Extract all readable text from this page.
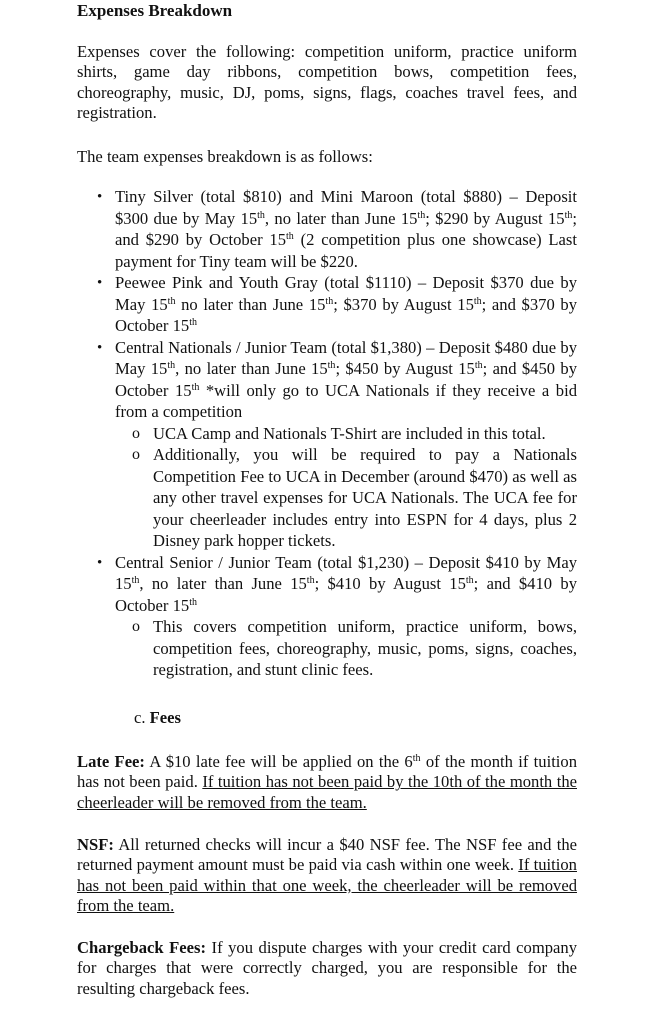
Expenses Breakdown

Expenses cover the following: competition uniform, practice uniform shirts, game day ribbons, competition bows, competition fees, choreography, music, DJ, poms, signs, flags, coaches travel fees, and registration.

The team expenses breakdown is as follows:

• Tiny Silver (total $810) and Mini Maroon (total $880) – Deposit $300 due by May 15th, no later than June 15th; $290 by August 15th; and $290 by October 15th (2 competition plus one showcase) Last payment for Tiny team will be $220.
• Peewee Pink and Youth Gray (total $1110) – Deposit $370 due by May 15th no later than June 15th; $370 by August 15th; and $370 by October 15th
• Central Nationals / Junior Team (total $1,380) – Deposit $480 due by May 15th, no later than June 15th; $450 by August 15th; and $450 by October 15th *will only go to UCA Nationals if they receive a bid from a competition
o UCA Camp and Nationals T-Shirt are included in this total.
o Additionally, you will be required to pay a Nationals Competition Fee to UCA in December (around $470) as well as any other travel expenses for UCA Nationals. The UCA fee for your cheerleader includes entry into ESPN for 4 days, plus 2 Disney park hopper tickets.
• Central Senior / Junior Team (total $1,230) – Deposit $410 by May 15th, no later than June 15th; $410 by August 15th; and $410 by October 15th
o This covers competition uniform, practice uniform, bows, competition fees, choreography, music, poms, signs, coaches, registration, and stunt clinic fees.
c. Fees

Late Fee: A $10 late fee will be applied on the 6th of the month if tuition has not been paid. If tuition has not been paid by the 10th of the month the cheerleader will be removed from the team.

NSF: All returned checks will incur a $40 NSF fee. The NSF fee and the returned payment amount must be paid via cash within one week. If tuition has not been paid within that one week, the cheerleader will be removed from the team.

Chargeback Fees: If you dispute charges with your credit card company for charges that were correctly charged, you are responsible for the resulting chargeback fees.
